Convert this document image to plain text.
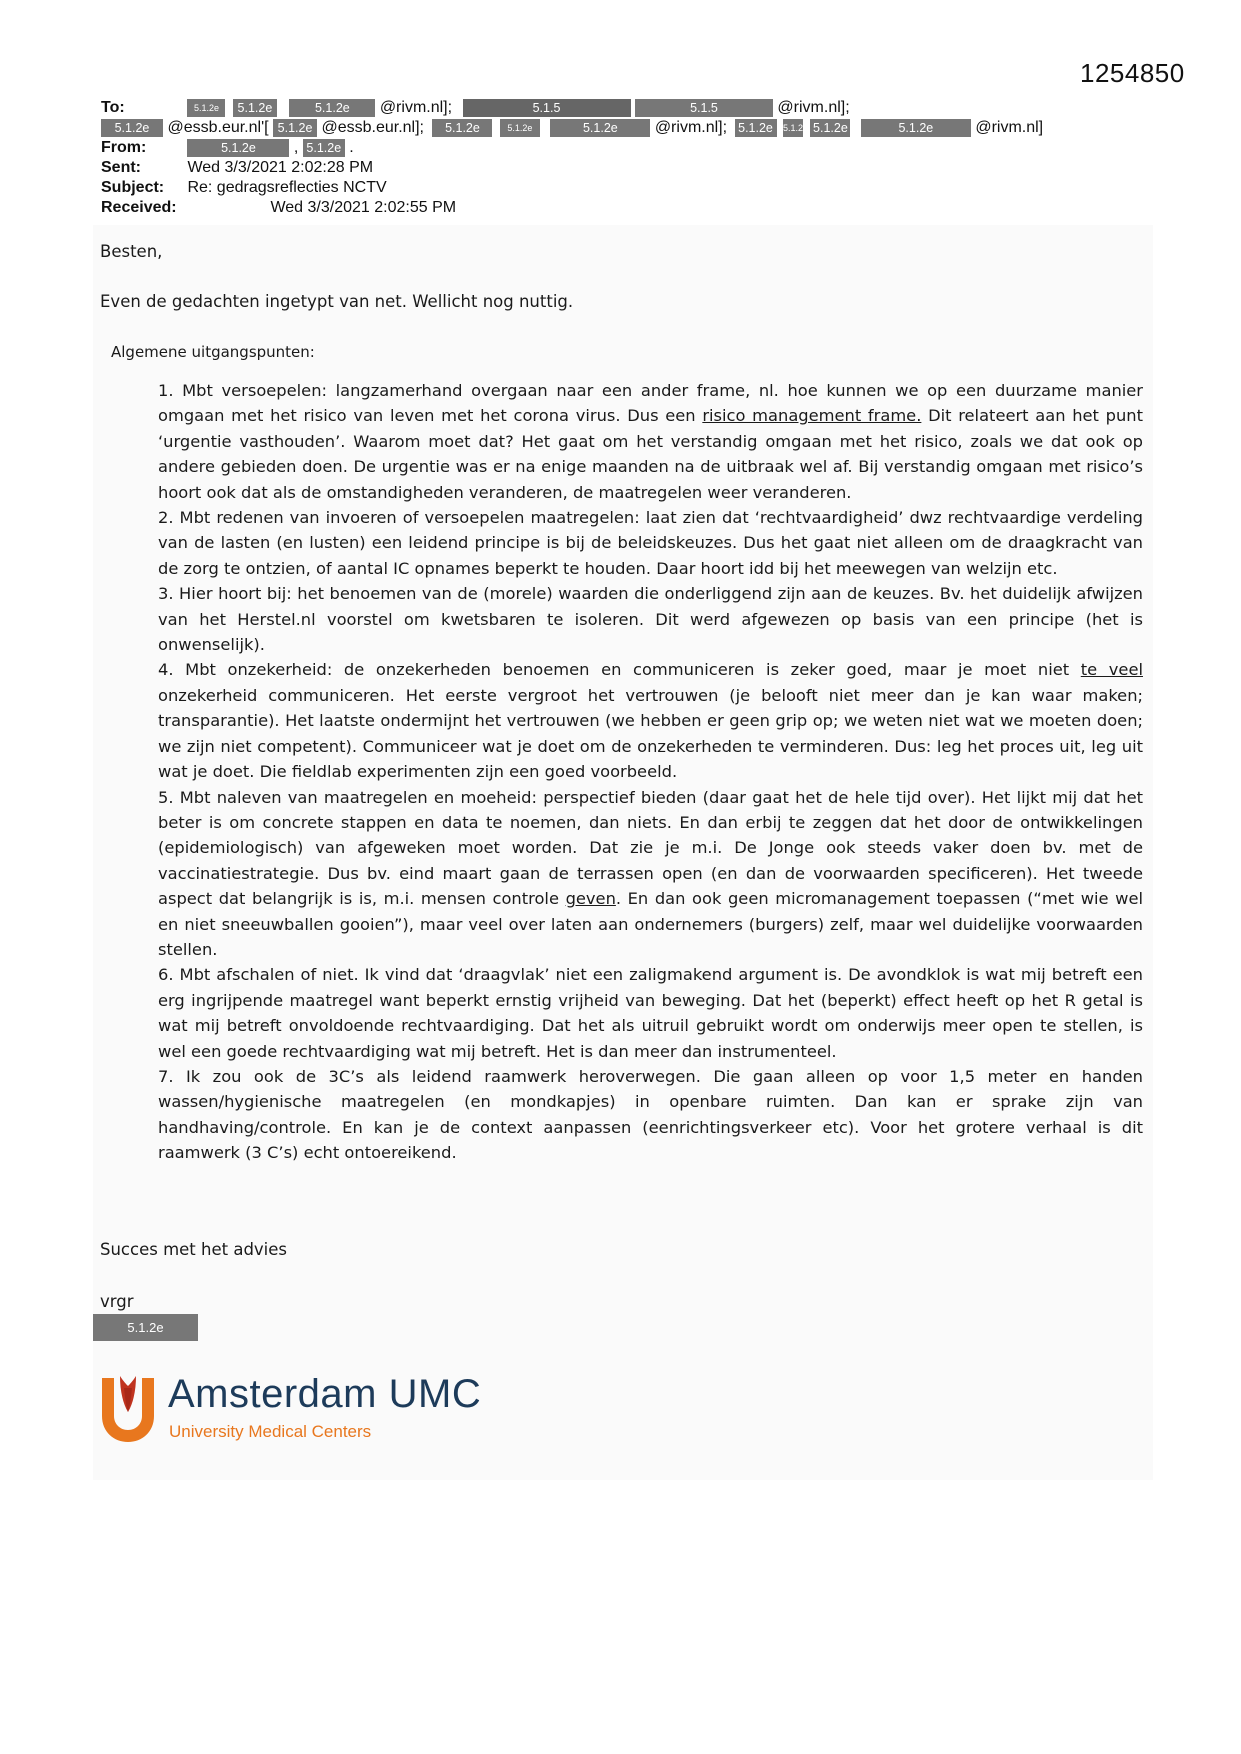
1254850
To:	5.1.2e 5.1.2e	5.1.2e @rivm.nl];	5.1.5	5.1.5	@rivm.nl];
5.1.2e @essb.eur.nl'[ 5.1.2e @essb.eur.nl]; 5.1.2e	5.1.2e	5.1.2e @rivm.nl]; 5.1.2e 5.1.2e 5.1.2e	5.1.2e	@rivm.nl]
From:	5.1.2e , 5.1.2e .
Sent:	Wed 3/3/2021 2:02:28 PM
Subject: Re: gedragsreflecties NCTV
Received:	Wed 3/3/2021 2:02:55 PM
Besten,
Even de gedachten ingetypt van net. Wellicht nog nuttig.
Algemene uitgangspunten:
1. Mbt versoepelen: langzamerhand overgaan naar een ander frame, nl. hoe kunnen we op een duurzame manier omgaan met het risico van leven met het corona virus. Dus een risico management frame. Dit relateert aan het punt ‘urgentie vasthouden’. Waarom moet dat? Het gaat om het verstandig omgaan met het risico, zoals we dat ook op andere gebieden doen. De urgentie was er na enige maanden na de uitbraak wel af. Bij verstandig omgaan met risico’s hoort ook dat als de omstandigheden veranderen, de maatregelen weer veranderen.
2. Mbt redenen van invoeren of versoepelen maatregelen: laat zien dat ‘rechtvaardigheid’ dwz rechtvaardige verdeling van de lasten (en lusten) een leidend principe is bij de beleidskeuzes. Dus het gaat niet alleen om de draagkracht van de zorg te ontzien, of aantal IC opnames beperkt te houden. Daar hoort idd bij het meewegen van welzijn etc.
3. Hier hoort bij: het benoemen van de (morele) waarden die onderliggend zijn aan de keuzes. Bv. het duidelijk afwijzen van het Herstel.nl voorstel om kwetsbaren te isoleren. Dit werd afgewezen op basis van een principe (het is onwenselijk).
4. Mbt onzekerheid: de onzekerheden benoemen en communiceren is zeker goed, maar je moet niet te veel onzekerheid communiceren. Het eerste vergroot het vertrouwen (je belooft niet meer dan je kan waar maken; transparantie). Het laatste ondermijnt het vertrouwen (we hebben er geen grip op; we weten niet wat we moeten doen; we zijn niet competent). Communiceer wat je doet om de onzekerheden te verminderen. Dus: leg het proces uit, leg uit wat je doet. Die fieldlab experimenten zijn een goed voorbeeld.
5. Mbt naleven van maatregelen en moeheid: perspectief bieden (daar gaat het de hele tijd over). Het lijkt mij dat het beter is om concrete stappen en data te noemen, dan niets. En dan erbij te zeggen dat het door de ontwikkelingen (epidemiologisch) van afgeweken moet worden. Dat zie je m.i. De Jonge ook steeds vaker doen bv. met de vaccinatiestrategie. Dus bv. eind maart gaan de terrassen open (en dan de voorwaarden specificeren). Het tweede aspect dat belangrijk is is, m.i. mensen controle geven. En dan ook geen micromanagement toepassen (“met wie wel en niet sneeuwballen gooien”), maar veel over laten aan ondernemers (burgers) zelf, maar wel duidelijke voorwaarden stellen.
6. Mbt afschalen of niet. Ik vind dat ‘draagvlak’ niet een zaligmakend argument is. De avondklok is wat mij betreft een erg ingrijpende maatregel want beperkt ernstig vrijheid van beweging. Dat het (beperkt) effect heeft op het R getal is wat mij betreft onvoldoende rechtvaardiging. Dat het als uitruil gebruikt wordt om onderwijs meer open te stellen, is wel een goede rechtvaardiging wat mij betreft. Het is dan meer dan instrumenteel.
7. Ik zou ook de 3C’s als leidend raamwerk heroverwegen. Die gaan alleen op voor 1,5 meter en handen wassen/hygienische maatregelen (en mondkapjes) in openbare ruimten. Dan kan er sprake zijn van handhaving/controle. En kan je de context aanpassen (eenrichtingsverkeer etc). Voor het grotere verhaal is dit raamwerk (3 C’s) echt ontoereikend.
Succes met het advies
vrgr
5.1.2e
Amsterdam UMC
University Medical Centers
